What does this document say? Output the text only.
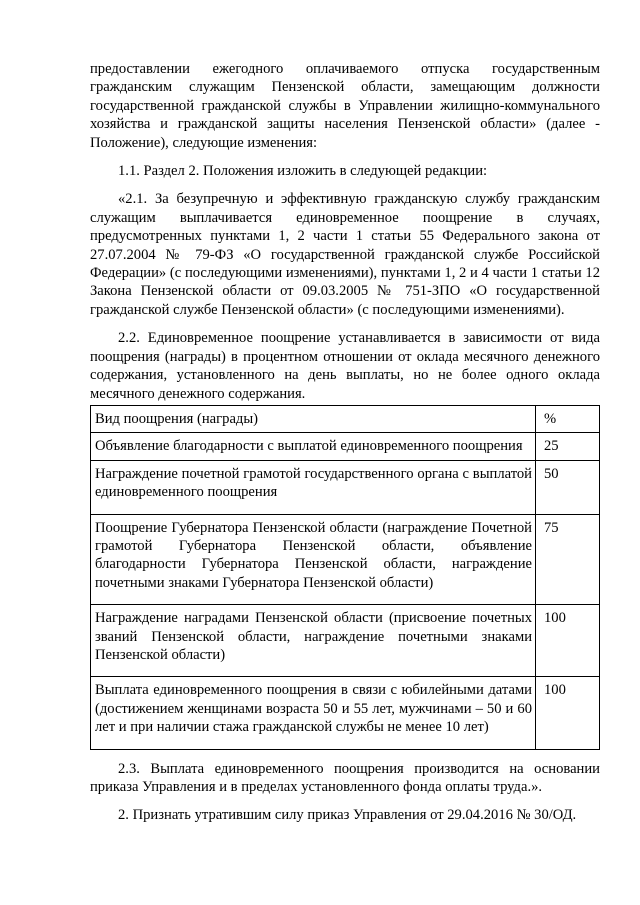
предоставлении ежегодного оплачиваемого отпуска государственным гражданским служащим Пензенской области, замещающим должности государственной гражданской службы в Управлении жилищно-коммунального хозяйства и гражданской защиты населения Пензенской области» (далее - Положение), следующие изменения:

1.1. Раздел 2. Положения изложить в следующей редакции:

«2.1. За безупречную и эффективную гражданскую службу гражданским служащим выплачивается единовременное поощрение в случаях, предусмотренных пунктами 1, 2 части 1 статьи 55 Федерального закона от 27.07.2004 № 79-ФЗ «О государственной гражданской службе Российской Федерации» (с последующими изменениями), пунктами 1, 2 и 4 части 1 статьи 12 Закона Пензенской области от 09.03.2005 № 751-ЗПО «О государственной гражданской службе Пензенской области» (с последующими изменениями).

2.2. Единовременное поощрение устанавливается в зависимости от вида поощрения (награды) в процентном отношении от оклада месячного денежного содержания, установленного на день выплаты, но не более одного оклада месячного денежного содержания.

Вид поощрения (награды)	%
Объявление благодарности с выплатой единовременного поощрения	25
Награждение почетной грамотой государственного органа с выплатой единовременного поощрения	50
Поощрение Губернатора Пензенской области (награждение Почетной грамотой Губернатора Пензенской области, объявление благодарности Губернатора Пензенской области, награждение почетными знаками Губернатора Пензенской области)	75
Награждение наградами Пензенской области (присвоение почетных званий Пензенской области, награждение почетными знаками Пензенской области)	100
Выплата единовременного поощрения в связи с юбилейными датами (достижением женщинами возраста 50 и 55 лет, мужчинами – 50 и 60 лет и при наличии стажа гражданской службы не менее 10 лет)	100

2.3. Выплата единовременного поощрения производится на основании приказа Управления и в пределах установленного фонда оплаты труда.».

2. Признать утратившим силу приказ Управления от 29.04.2016 № 30/ОД.
